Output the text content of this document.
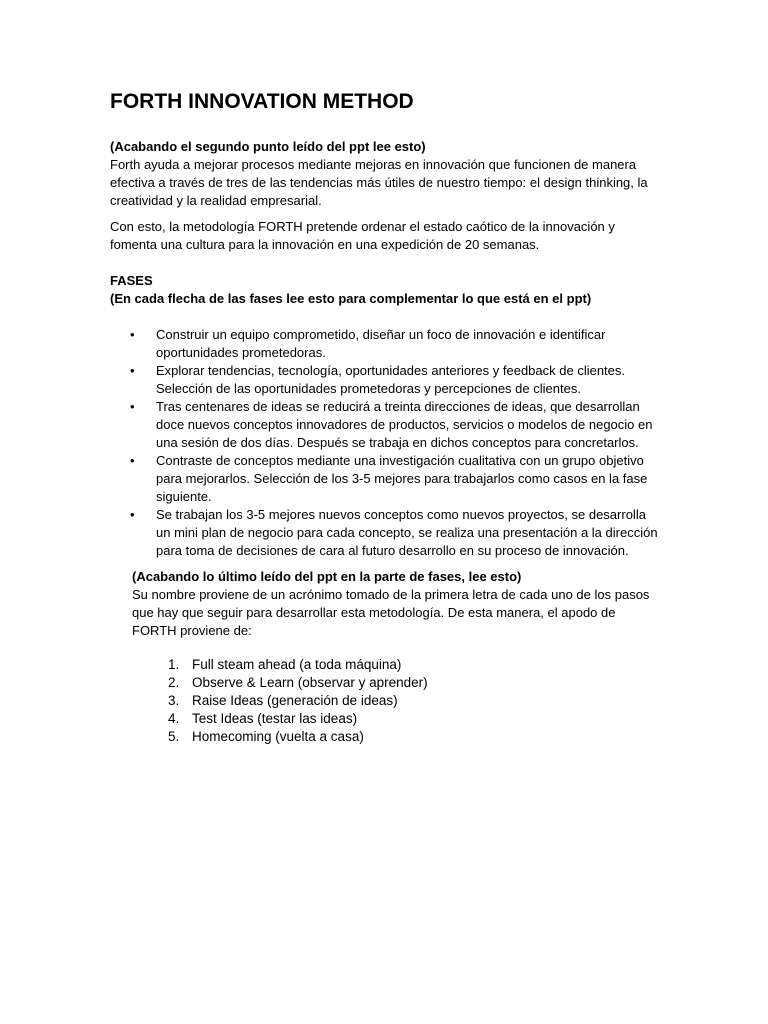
FORTH INNOVATION METHOD

(Acabando el segundo punto leído del ppt lee esto)

Forth ayuda a mejorar procesos mediante mejoras en innovación que funcionen de manera efectiva a través de tres de las tendencias más útiles de nuestro tiempo: el design thinking, la creatividad y la realidad empresarial.

Con esto, la metodología FORTH pretende ordenar el estado caótico de la innovación y fomenta una cultura para la innovación en una expedición de 20 semanas.

FASES

(En cada flecha de las fases lee esto para complementar lo que está en el ppt)

• Construir un equipo comprometido, diseñar un foco de innovación e identificar oportunidades prometedoras.
• Explorar tendencias, tecnología, oportunidades anteriores y feedback de clientes. Selección de las oportunidades prometedoras y percepciones de clientes.
• Tras centenares de ideas se reducirá a treinta direcciones de ideas, que desarrollan doce nuevos conceptos innovadores de productos, servicios o modelos de negocio en una sesión de dos días. Después se trabaja en dichos conceptos para concretarlos.
• Contraste de conceptos mediante una investigación cualitativa con un grupo objetivo para mejorarlos. Selección de los 3-5 mejores para trabajarlos como casos en la fase siguiente.
• Se trabajan los 3-5 mejores nuevos conceptos como nuevos proyectos, se desarrolla un mini plan de negocio para cada concepto, se realiza una presentación a la dirección para toma de decisiones de cara al futuro desarrollo en su proceso de innovación.

(Acabando lo último leído del ppt en la parte de fases, lee esto)

Su nombre proviene de un acrónimo tomado de la primera letra de cada uno de los pasos que hay que seguir para desarrollar esta metodología. De esta manera, el apodo de FORTH proviene de:

1. Full steam ahead (a toda máquina)
2. Observe & Learn (observar y aprender)
3. Raise Ideas (generación de ideas)
4. Test Ideas (testar las ideas)
5. Homecoming (vuelta a casa)
